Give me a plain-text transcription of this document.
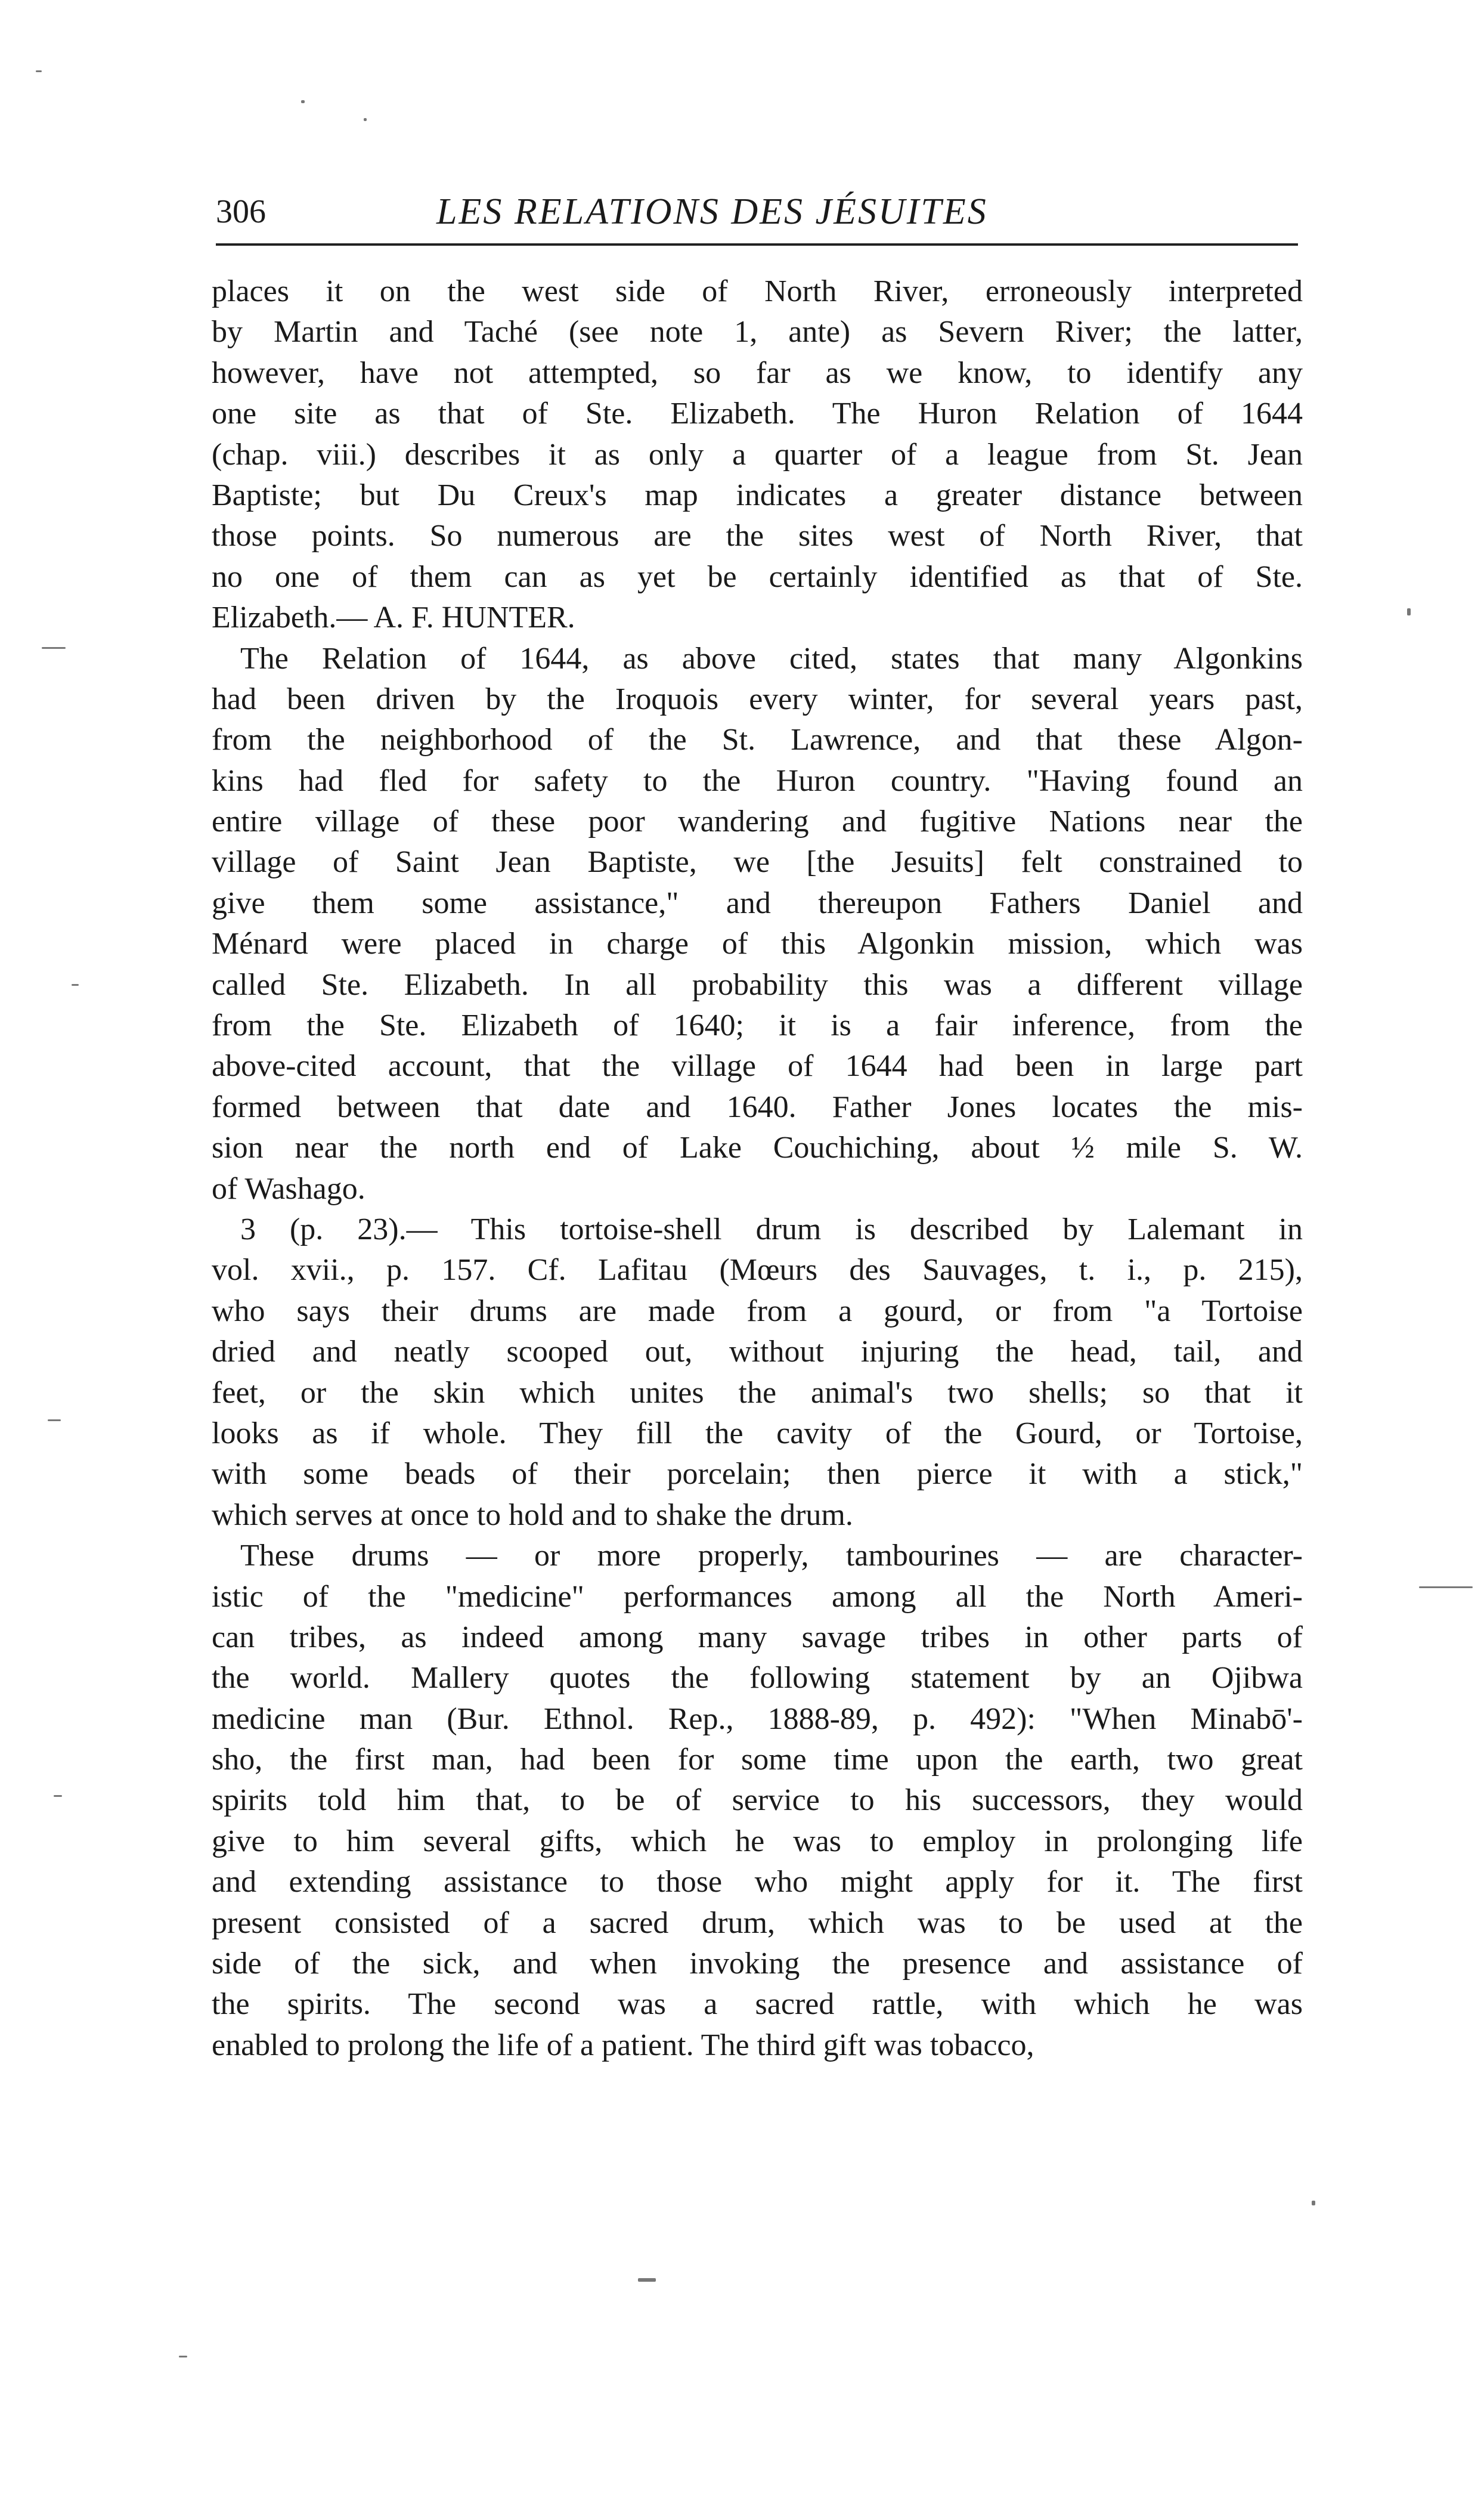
306	LES RELATIONS DES JÉSUITES
places it on the west side of North River, erroneously interpreted
by Martin and Taché (see note 1, ante) as Severn River; the latter,
however, have not attempted, so far as we know, to identify any
one site as that of Ste. Elizabeth. The Huron Relation of 1644
(chap. viii.) describes it as only a quarter of a league from St. Jean
Baptiste; but Du Creux's map indicates a greater distance between
those points. So numerous are the sites west of North River, that
no one of them can as yet be certainly identified as that of Ste.
Elizabeth.— A. F. HUNTER.
The Relation of 1644, as above cited, states that many Algonkins
had been driven by the Iroquois every winter, for several years past,
from the neighborhood of the St. Lawrence, and that these Algon-
kins had fled for safety to the Huron country. "Having found an
entire village of these poor wandering and fugitive Nations near the
village of Saint Jean Baptiste, we [the Jesuits] felt constrained to
give them some assistance," and thereupon Fathers Daniel and
Ménard were placed in charge of this Algonkin mission, which was
called Ste. Elizabeth. In all probability this was a different village
from the Ste. Elizabeth of 1640; it is a fair inference, from the
above-cited account, that the village of 1644 had been in large part
formed between that date and 1640. Father Jones locates the mis-
sion near the north end of Lake Couchiching, about ½ mile S. W.
of Washago.
3 (p. 23).— This tortoise-shell drum is described by Lalemant in
vol. xvii., p. 157. Cf. Lafitau (Mœurs des Sauvages, t. i., p. 215),
who says their drums are made from a gourd, or from "a Tortoise
dried and neatly scooped out, without injuring the head, tail, and
feet, or the skin which unites the animal's two shells; so that it
looks as if whole. They fill the cavity of the Gourd, or Tortoise,
with some beads of their porcelain; then pierce it with a stick,"
which serves at once to hold and to shake the drum.
These drums — or more properly, tambourines — are character-
istic of the "medicine" performances among all the North Ameri-
can tribes, as indeed among many savage tribes in other parts of
the world. Mallery quotes the following statement by an Ojibwa
medicine man (Bur. Ethnol. Rep., 1888-89, p. 492): "When Minabō'-
sho, the first man, had been for some time upon the earth, two great
spirits told him that, to be of service to his successors, they would
give to him several gifts, which he was to employ in prolonging life
and extending assistance to those who might apply for it. The first
present consisted of a sacred drum, which was to be used at the
side of the sick, and when invoking the presence and assistance of
the spirits. The second was a sacred rattle, with which he was
enabled to prolong the life of a patient. The third gift was tobacco,
